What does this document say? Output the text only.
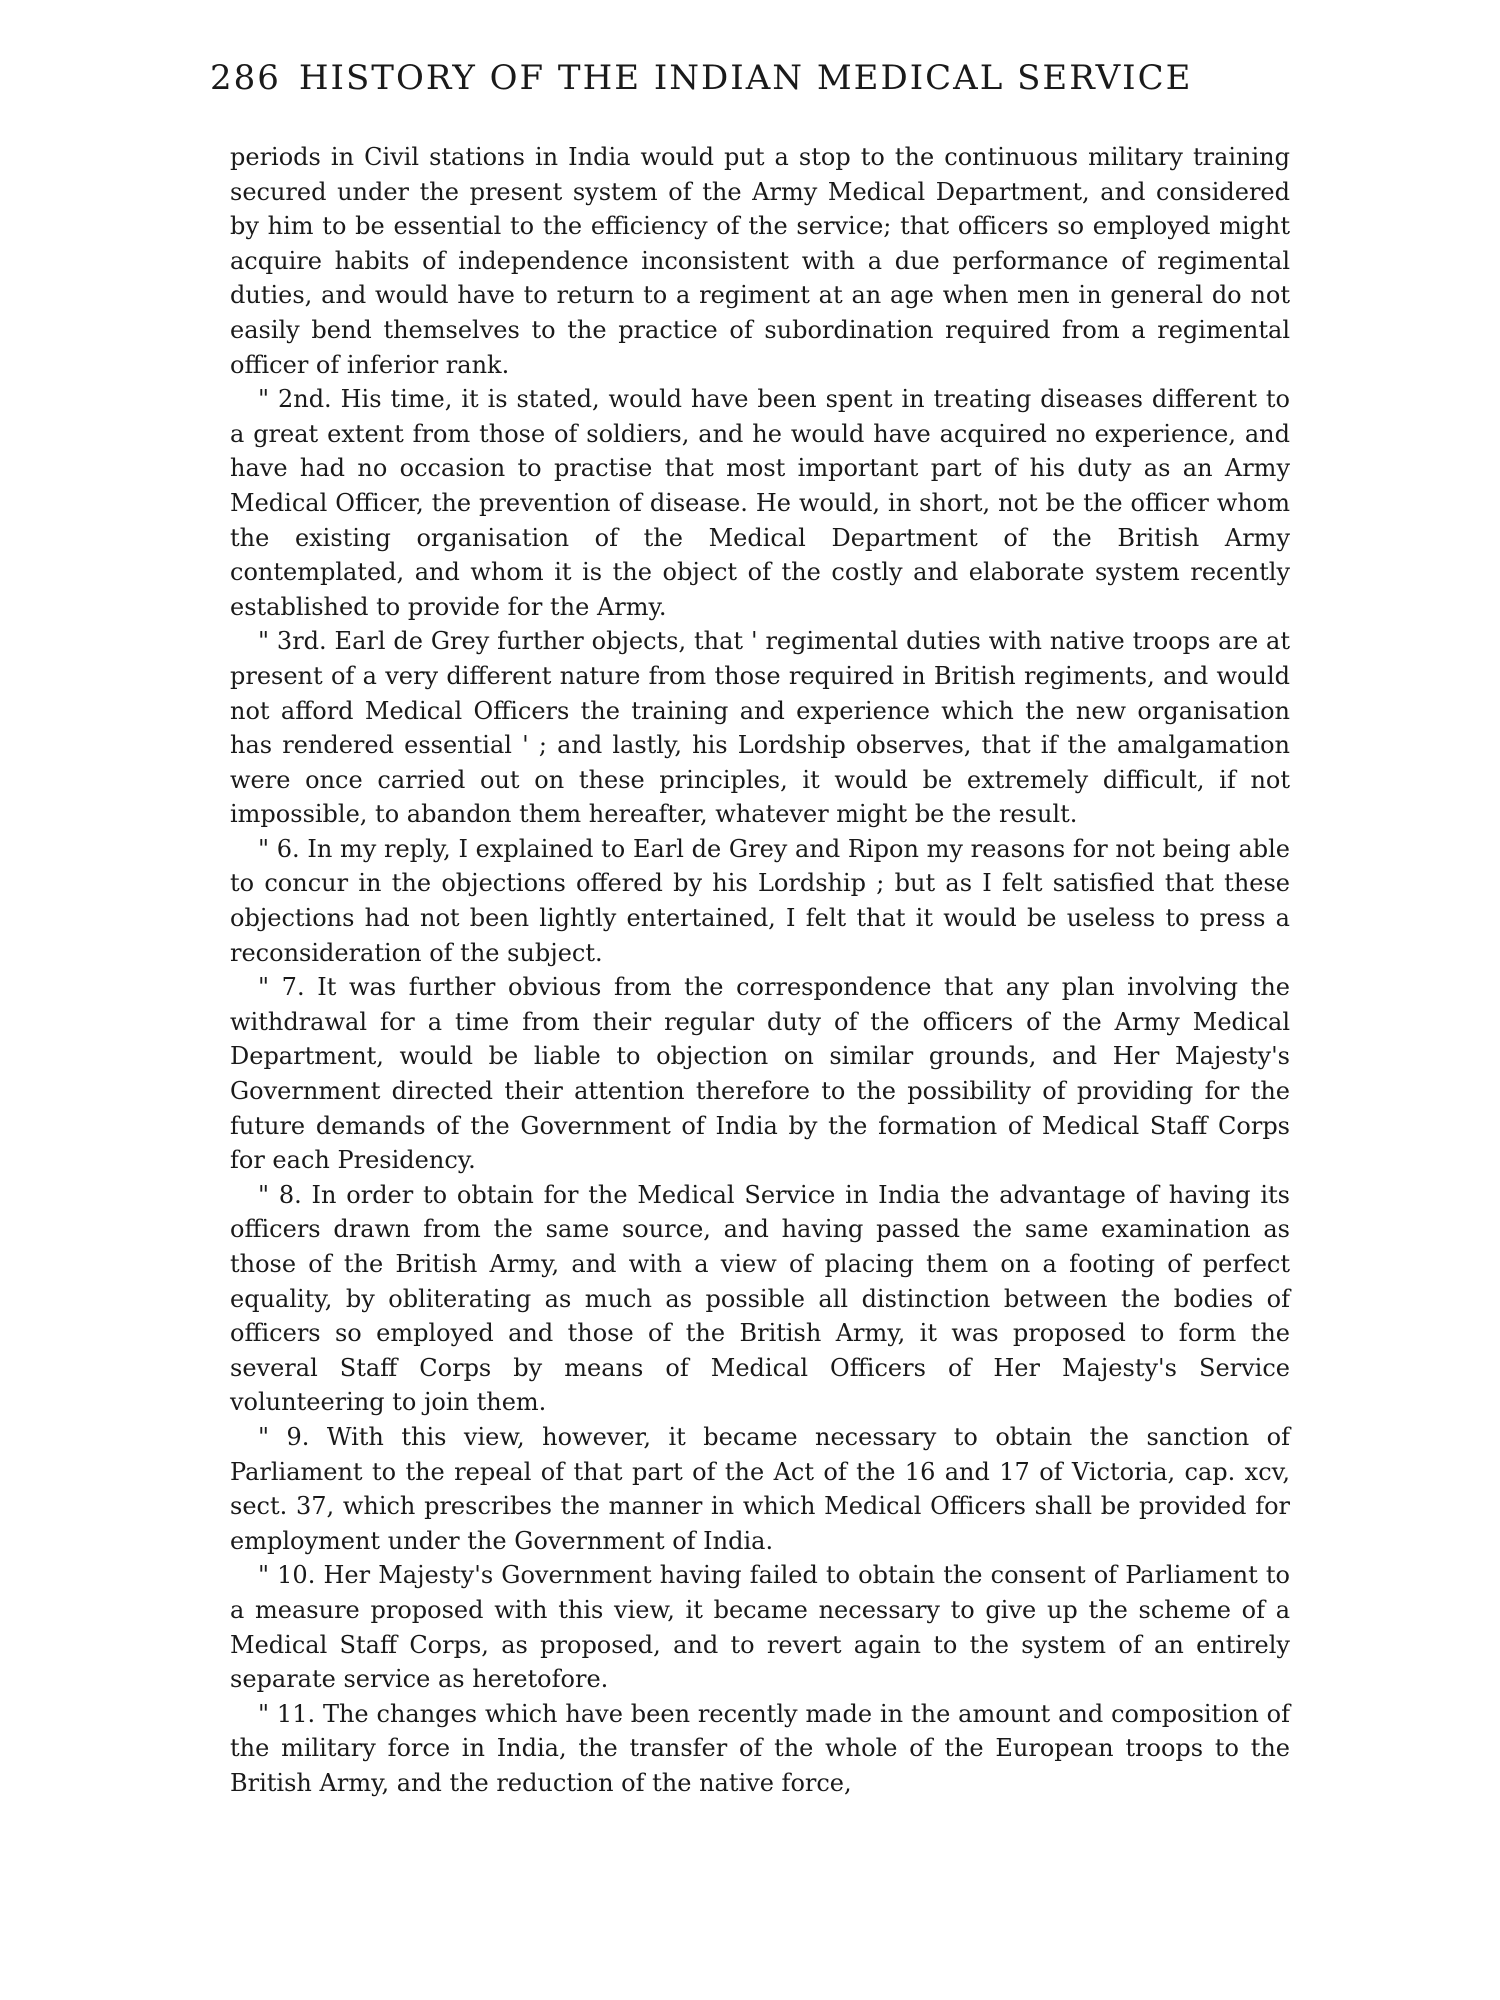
286 HISTORY OF THE INDIAN MEDICAL SERVICE

periods in Civil stations in India would put a stop to the continuous military training secured under the present system of the Army Medical Department, and considered by him to be essential to the efficiency of the service; that officers so employed might acquire habits of independence inconsistent with a due performance of regimental duties, and would have to return to a regiment at an age when men in general do not easily bend themselves to the practice of subordination required from a regimental officer of inferior rank.

" 2nd. His time, it is stated, would have been spent in treating diseases different to a great extent from those of soldiers, and he would have acquired no experience, and have had no occasion to practise that most important part of his duty as an Army Medical Officer, the prevention of disease. He would, in short, not be the officer whom the existing organisation of the Medical Department of the British Army contemplated, and whom it is the object of the costly and elaborate system recently established to provide for the Army.

" 3rd. Earl de Grey further objects, that ' regimental duties with native troops are at present of a very different nature from those required in British regiments, and would not afford Medical Officers the training and experience which the new organisation has rendered essential ' ; and lastly, his Lordship observes, that if the amalgamation were once carried out on these principles, it would be extremely difficult, if not impossible, to abandon them hereafter, whatever might be the result.

" 6. In my reply, I explained to Earl de Grey and Ripon my reasons for not being able to concur in the objections offered by his Lordship ; but as I felt satisfied that these objections had not been lightly entertained, I felt that it would be useless to press a reconsideration of the subject.

" 7. It was further obvious from the correspondence that any plan involving the withdrawal for a time from their regular duty of the officers of the Army Medical Department, would be liable to objection on similar grounds, and Her Majesty's Government directed their attention therefore to the possibility of providing for the future demands of the Government of India by the formation of Medical Staff Corps for each Presidency.

" 8. In order to obtain for the Medical Service in India the advantage of having its officers drawn from the same source, and having passed the same examination as those of the British Army, and with a view of placing them on a footing of perfect equality, by obliterating as much as possible all distinction between the bodies of officers so employed and those of the British Army, it was proposed to form the several Staff Corps by means of Medical Officers of Her Majesty's Service volunteering to join them.

" 9. With this view, however, it became necessary to obtain the sanction of Parliament to the repeal of that part of the Act of the 16 and 17 of Victoria, cap. xcv, sect. 37, which prescribes the manner in which Medical Officers shall be provided for employment under the Government of India.

" 10. Her Majesty's Government having failed to obtain the consent of Parliament to a measure proposed with this view, it became necessary to give up the scheme of a Medical Staff Corps, as proposed, and to revert again to the system of an entirely separate service as heretofore.

" 11. The changes which have been recently made in the amount and composition of the military force in India, the transfer of the whole of the European troops to the British Army, and the reduction of the native force,
